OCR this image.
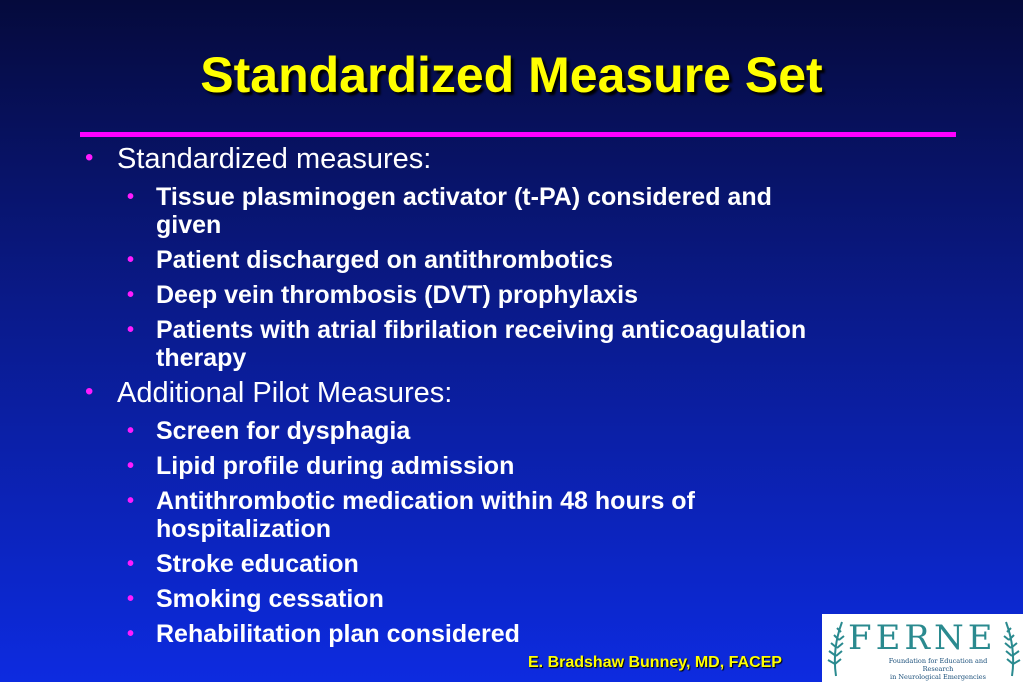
Standardized Measure Set
• Standardized measures:
• Tissue plasminogen activator (t-PA) considered and given
• Patient discharged on antithrombotics
• Deep vein thrombosis (DVT) prophylaxis
• Patients with atrial fibrilation receiving anticoagulation therapy
• Additional Pilot Measures:
• Screen for dysphagia
• Lipid profile during admission
• Antithrombotic medication within 48 hours of hospitalization
• Stroke education
• Smoking cessation
• Rehabilitation plan considered
E. Bradshaw Bunney, MD, FACEP
FERNE
Foundation for Education and Research
in Neurological Emergencies
